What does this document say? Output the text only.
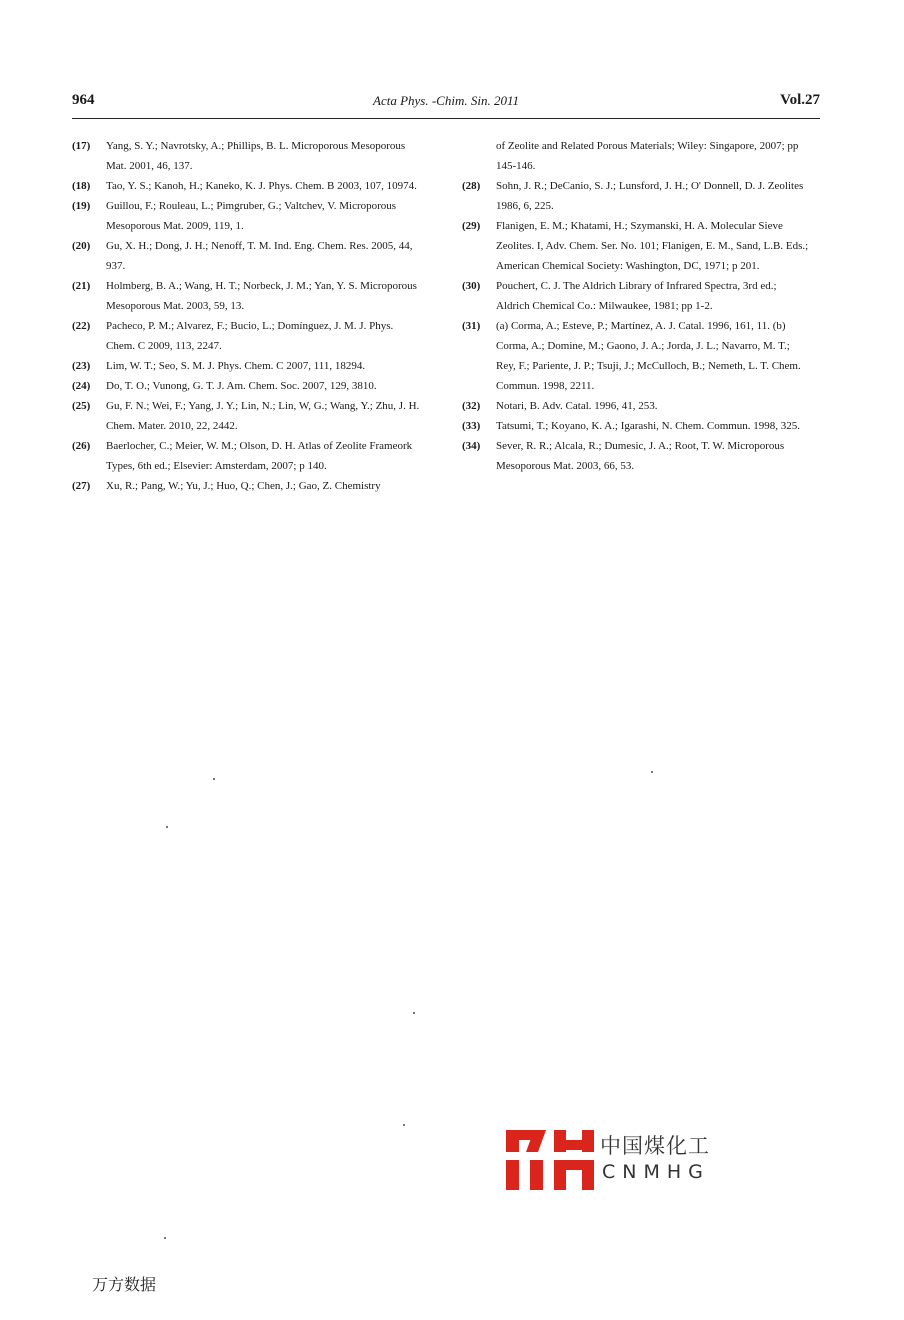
964	Acta Phys. -Chim. Sin. 2011	Vol.27
(17) Yang, S. Y.; Navrotsky, A.; Phillips, B. L. Microporous Mesoporous Mat. 2001, 46, 137.
(18) Tao, Y. S.; Kanoh, H.; Kaneko, K. J. Phys. Chem. B 2003, 107, 10974.
(19) Guillou, F.; Rouleau, L.; Pimgruber, G.; Valtchev, V. Microporous Mesoporous Mat. 2009, 119, 1.
(20) Gu, X. H.; Dong, J. H.; Nenoff, T. M. Ind. Eng. Chem. Res. 2005, 44, 937.
(21) Holmberg, B. A.; Wang, H. T.; Norbeck, J. M.; Yan, Y. S. Microporous Mesoporous Mat. 2003, 59, 13.
(22) Pacheco, P. M.; Alvarez, F.; Bucio, L.; Domínguez, J. M. J. Phys. Chem. C 2009, 113, 2247.
(23) Lim, W. T.; Seo, S. M. J. Phys. Chem. C 2007, 111, 18294.
(24) Do, T. O.; Vunong, G. T. J. Am. Chem. Soc. 2007, 129, 3810.
(25) Gu, F. N.; Wei, F.; Yang, J. Y.; Lin, N.; Lin, W, G.; Wang, Y.; Zhu, J. H. Chem. Mater. 2010, 22, 2442.
(26) Baerlocher, C.; Meier, W. M.; Olson, D. H. Atlas of Zeolite Frameork Types, 6th ed.; Elsevier: Amsterdam, 2007; p 140.
(27) Xu, R.; Pang, W.; Yu, J.; Huo, Q.; Chen, J.; Gao, Z. Chemistry
of Zeolite and Related Porous Materials; Wiley: Singapore, 2007; pp 145-146.
(28) Sohn, J. R.; DeCanio, S. J.; Lunsford, J. H.; O' Donnell, D. J. Zeolites 1986, 6, 225.
(29) Flanigen, E. M.; Khatami, H.; Szymanski, H. A. Molecular Sieve Zeolites. I, Adv. Chem. Ser. No. 101; Flanigen, E. M., Sand, L.B. Eds.; American Chemical Society: Washington, DC, 1971; p 201.
(30) Pouchert, C. J. The Aldrich Library of Infrared Spectra, 3rd ed.; Aldrich Chemical Co.: Milwaukee, 1981; pp 1-2.
(31) (a) Corma, A.; Esteve, P.; Martínez, A. J. Catal. 1996, 161, 11. (b) Corma, A.; Domine, M.; Gaono, J. A.; Jorda, J. L.; Navarro, M. T.; Rey, F.; Pariente, J. P.; Tsuji, J.; McCulloch, B.; Nemeth, L. T. Chem. Commun. 1998, 2211.
(32) Notari, B. Adv. Catal. 1996, 41, 253.
(33) Tatsumi, T.; Koyano, K. A.; Igarashi, N. Chem. Commun. 1998, 325.
(34) Sever, R. R.; Alcala, R.; Dumesic, J. A.; Root, T. W. Microporous Mesoporous Mat. 2003, 66, 53.
中国煤化工
CNMHG
万方数据
